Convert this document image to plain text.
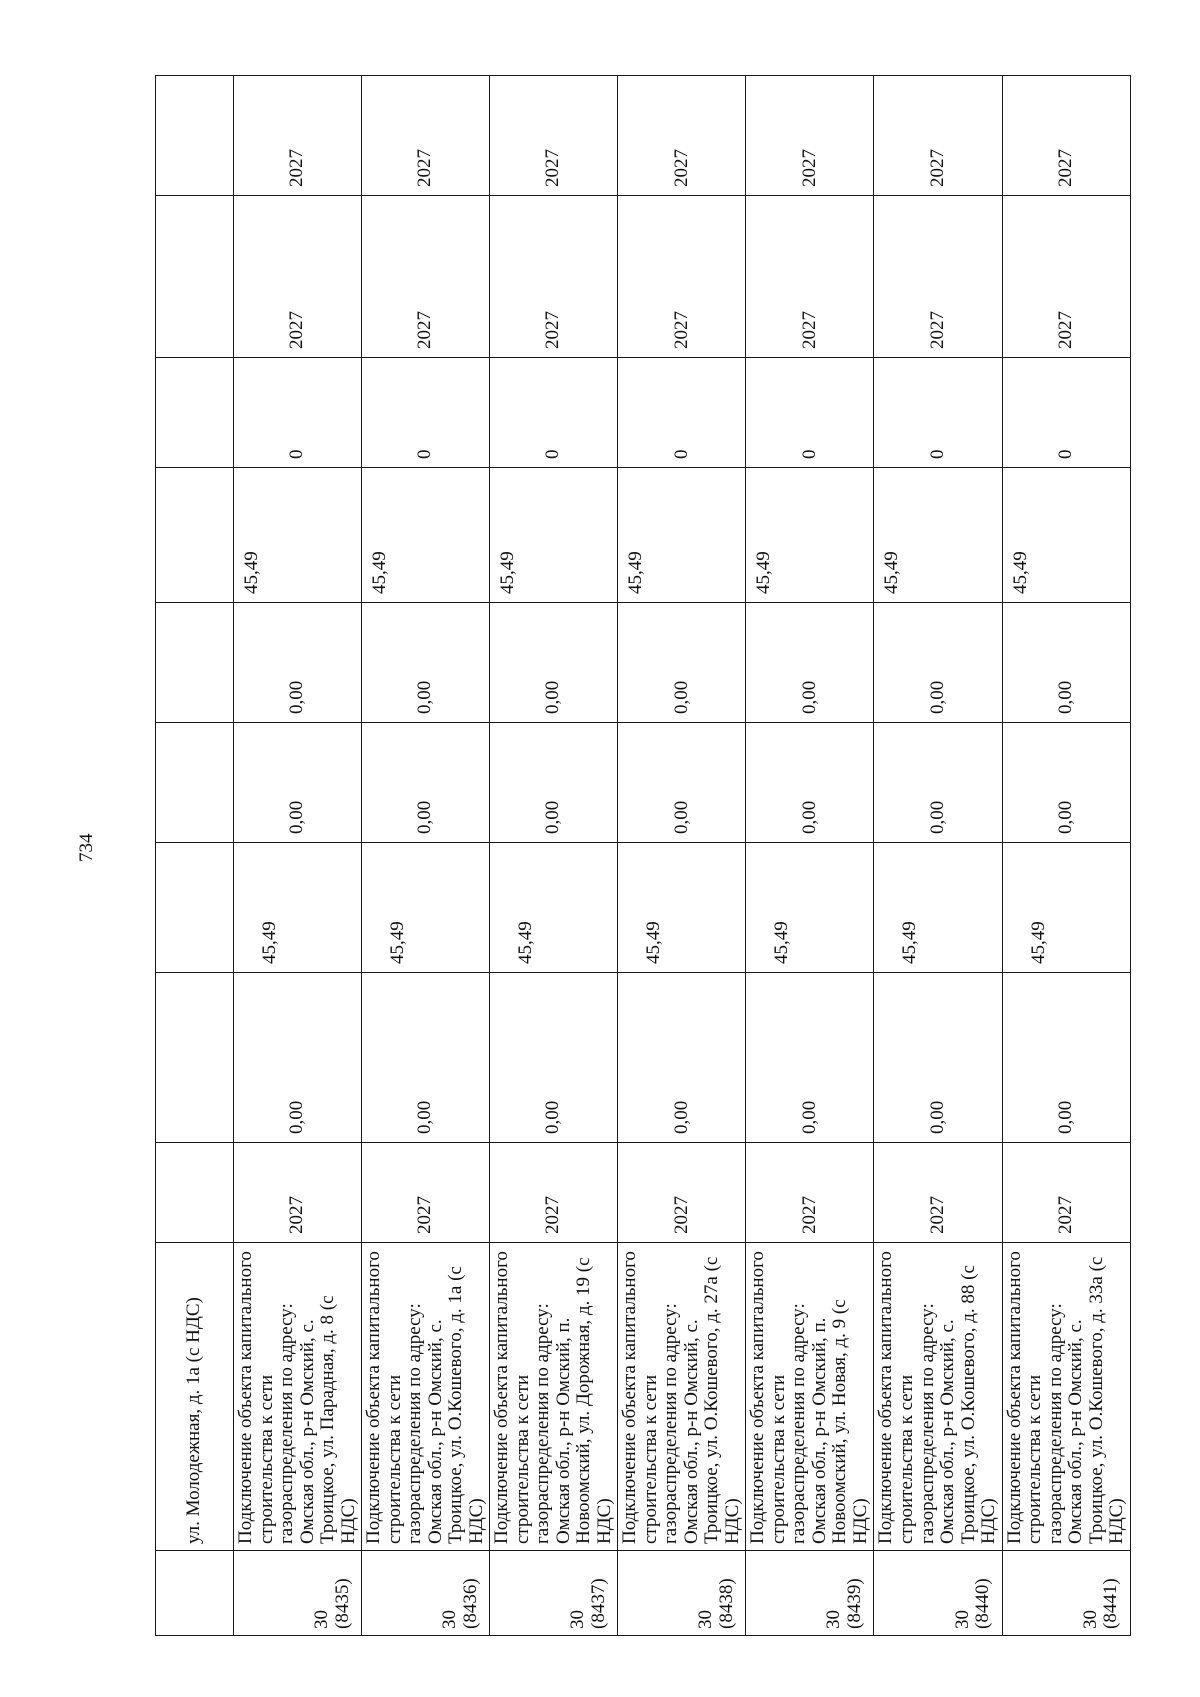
734
	ул. Молодежная, д. 1а (с НДС)									

30 (8435)	Подключение объекта капитального строительства к сети газораспределения по адресу: Омская обл., р-н Омский, с. Троицкое, ул. Парадная, д. 8 (с НДС)	2027	0,00	45,49	0,00	0,00	45,49	0	2027	2027

30 (8436)	Подключение объекта капитального строительства к сети газораспределения по адресу: Омская обл., р-н Омский, с. Троицкое, ул. О.Кошевого, д. 1а (с НДС)	2027	0,00	45,49	0,00	0,00	45,49	0	2027	2027

30 (8437)	Подключение объекта капитального строительства к сети газораспределения по адресу: Омская обл., р-н Омский, п. Новоомский, ул. Дорожная, д. 19 (с НДС)	2027	0,00	45,49	0,00	0,00	45,49	0	2027	2027

30 (8438)	Подключение объекта капитального строительства к сети газораспределения по адресу: Омская обл., р-н Омский, с. Троицкое, ул. О.Кошевого, д. 27а (с НДС)	2027	0,00	45,49	0,00	0,00	45,49	0	2027	2027

30 (8439)	Подключение объекта капитального строительства к сети газораспределения по адресу: Омская обл., р-н Омский, п. Новоомский, ул. Новая, д. 9 (с НДС)	2027	0,00	45,49	0,00	0,00	45,49	0	2027	2027

30 (8440)	Подключение объекта капитального строительства к сети газораспределения по адресу: Омская обл., р-н Омский, с. Троицкое, ул. О.Кошевого, д. 88 (с НДС)	2027	0,00	45,49	0,00	0,00	45,49	0	2027	2027

30 (8441)	Подключение объекта капитального строительства к сети газораспределения по адресу: Омская обл., р-н Омский, с. Троицкое, ул. О.Кошевого, д. 33а (с НДС)	2027	0,00	45,49	0,00	0,00	45,49	0	2027	2027
